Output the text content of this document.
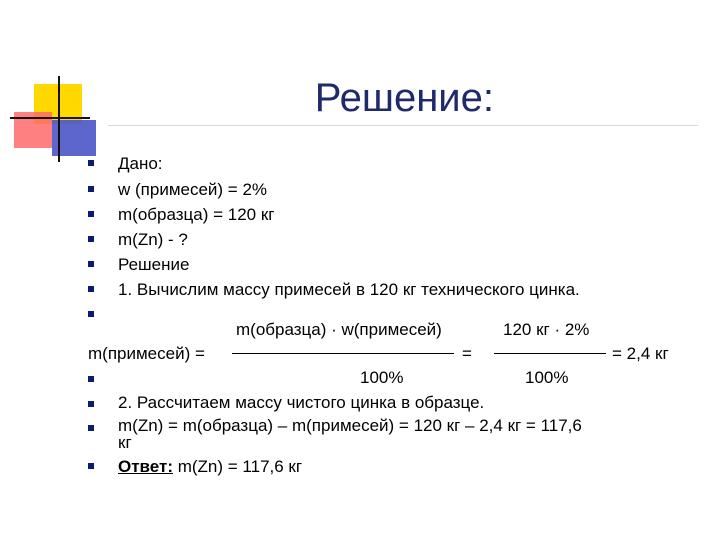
Решение:
Дано:
w (примесей) = 2%
m(образца) = 120 кг
m(Zn) - ?
Решение
1. Вычислим массу примесей в 120 кг технического цинка.
m(образца) · w(примесей)	120 кг · 2%
m(примесей) =	=	= 2,4 кг
100%	100%
2. Рассчитаем массу чистого цинка в образце.
m(Zn) = m(образца) – m(примесей) = 120 кг – 2,4 кг = 117,6
кг
Ответ: m(Zn) = 117,6 кг
